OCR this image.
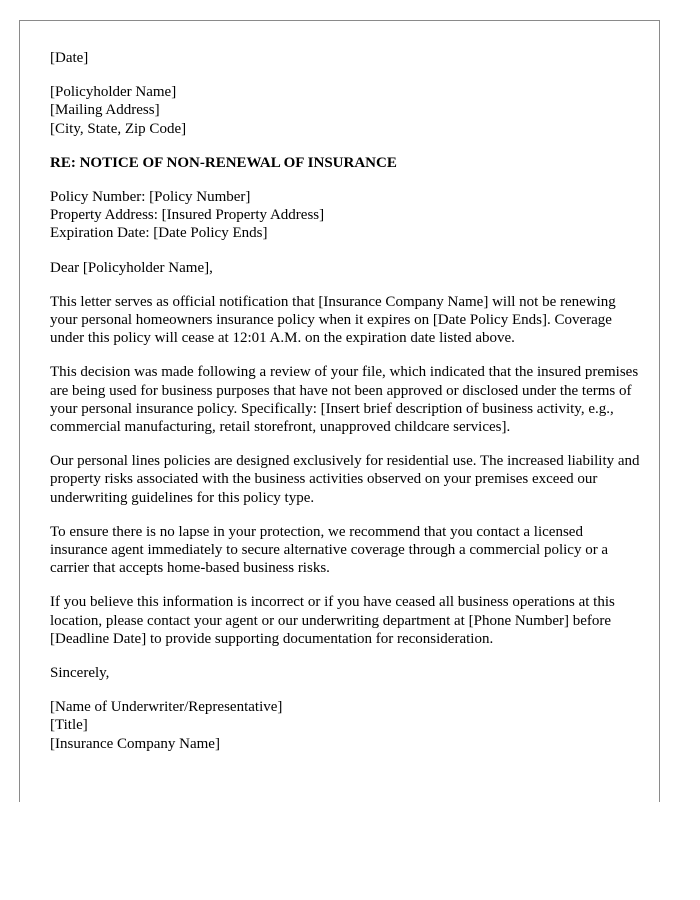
[Date]
[Policyholder Name]
[Mailing Address]
[City, State, Zip Code]
RE: NOTICE OF NON-RENEWAL OF INSURANCE
Policy Number: [Policy Number]
Property Address: [Insured Property Address]
Expiration Date: [Date Policy Ends]
Dear [Policyholder Name],

This letter serves as official notification that [Insurance Company Name] will not be renewing your personal homeowners insurance policy when it expires on [Date Policy Ends]. Coverage under this policy will cease at 12:01 A.M. on the expiration date listed above.

This decision was made following a review of your file, which indicated that the insured premises are being used for business purposes that have not been approved or disclosed under the terms of your personal insurance policy. Specifically: [Insert brief description of business activity, e.g., commercial manufacturing, retail storefront, unapproved childcare services].

Our personal lines policies are designed exclusively for residential use. The increased liability and property risks associated with the business activities observed on your premises exceed our underwriting guidelines for this policy type.

To ensure there is no lapse in your protection, we recommend that you contact a licensed insurance agent immediately to secure alternative coverage through a commercial policy or a carrier that accepts home-based business risks.

If you believe this information is incorrect or if you have ceased all business operations at this location, please contact your agent or our underwriting department at [Phone Number] before [Deadline Date] to provide supporting documentation for reconsideration.

Sincerely,
[Name of Underwriter/Representative]
[Title]
[Insurance Company Name]
